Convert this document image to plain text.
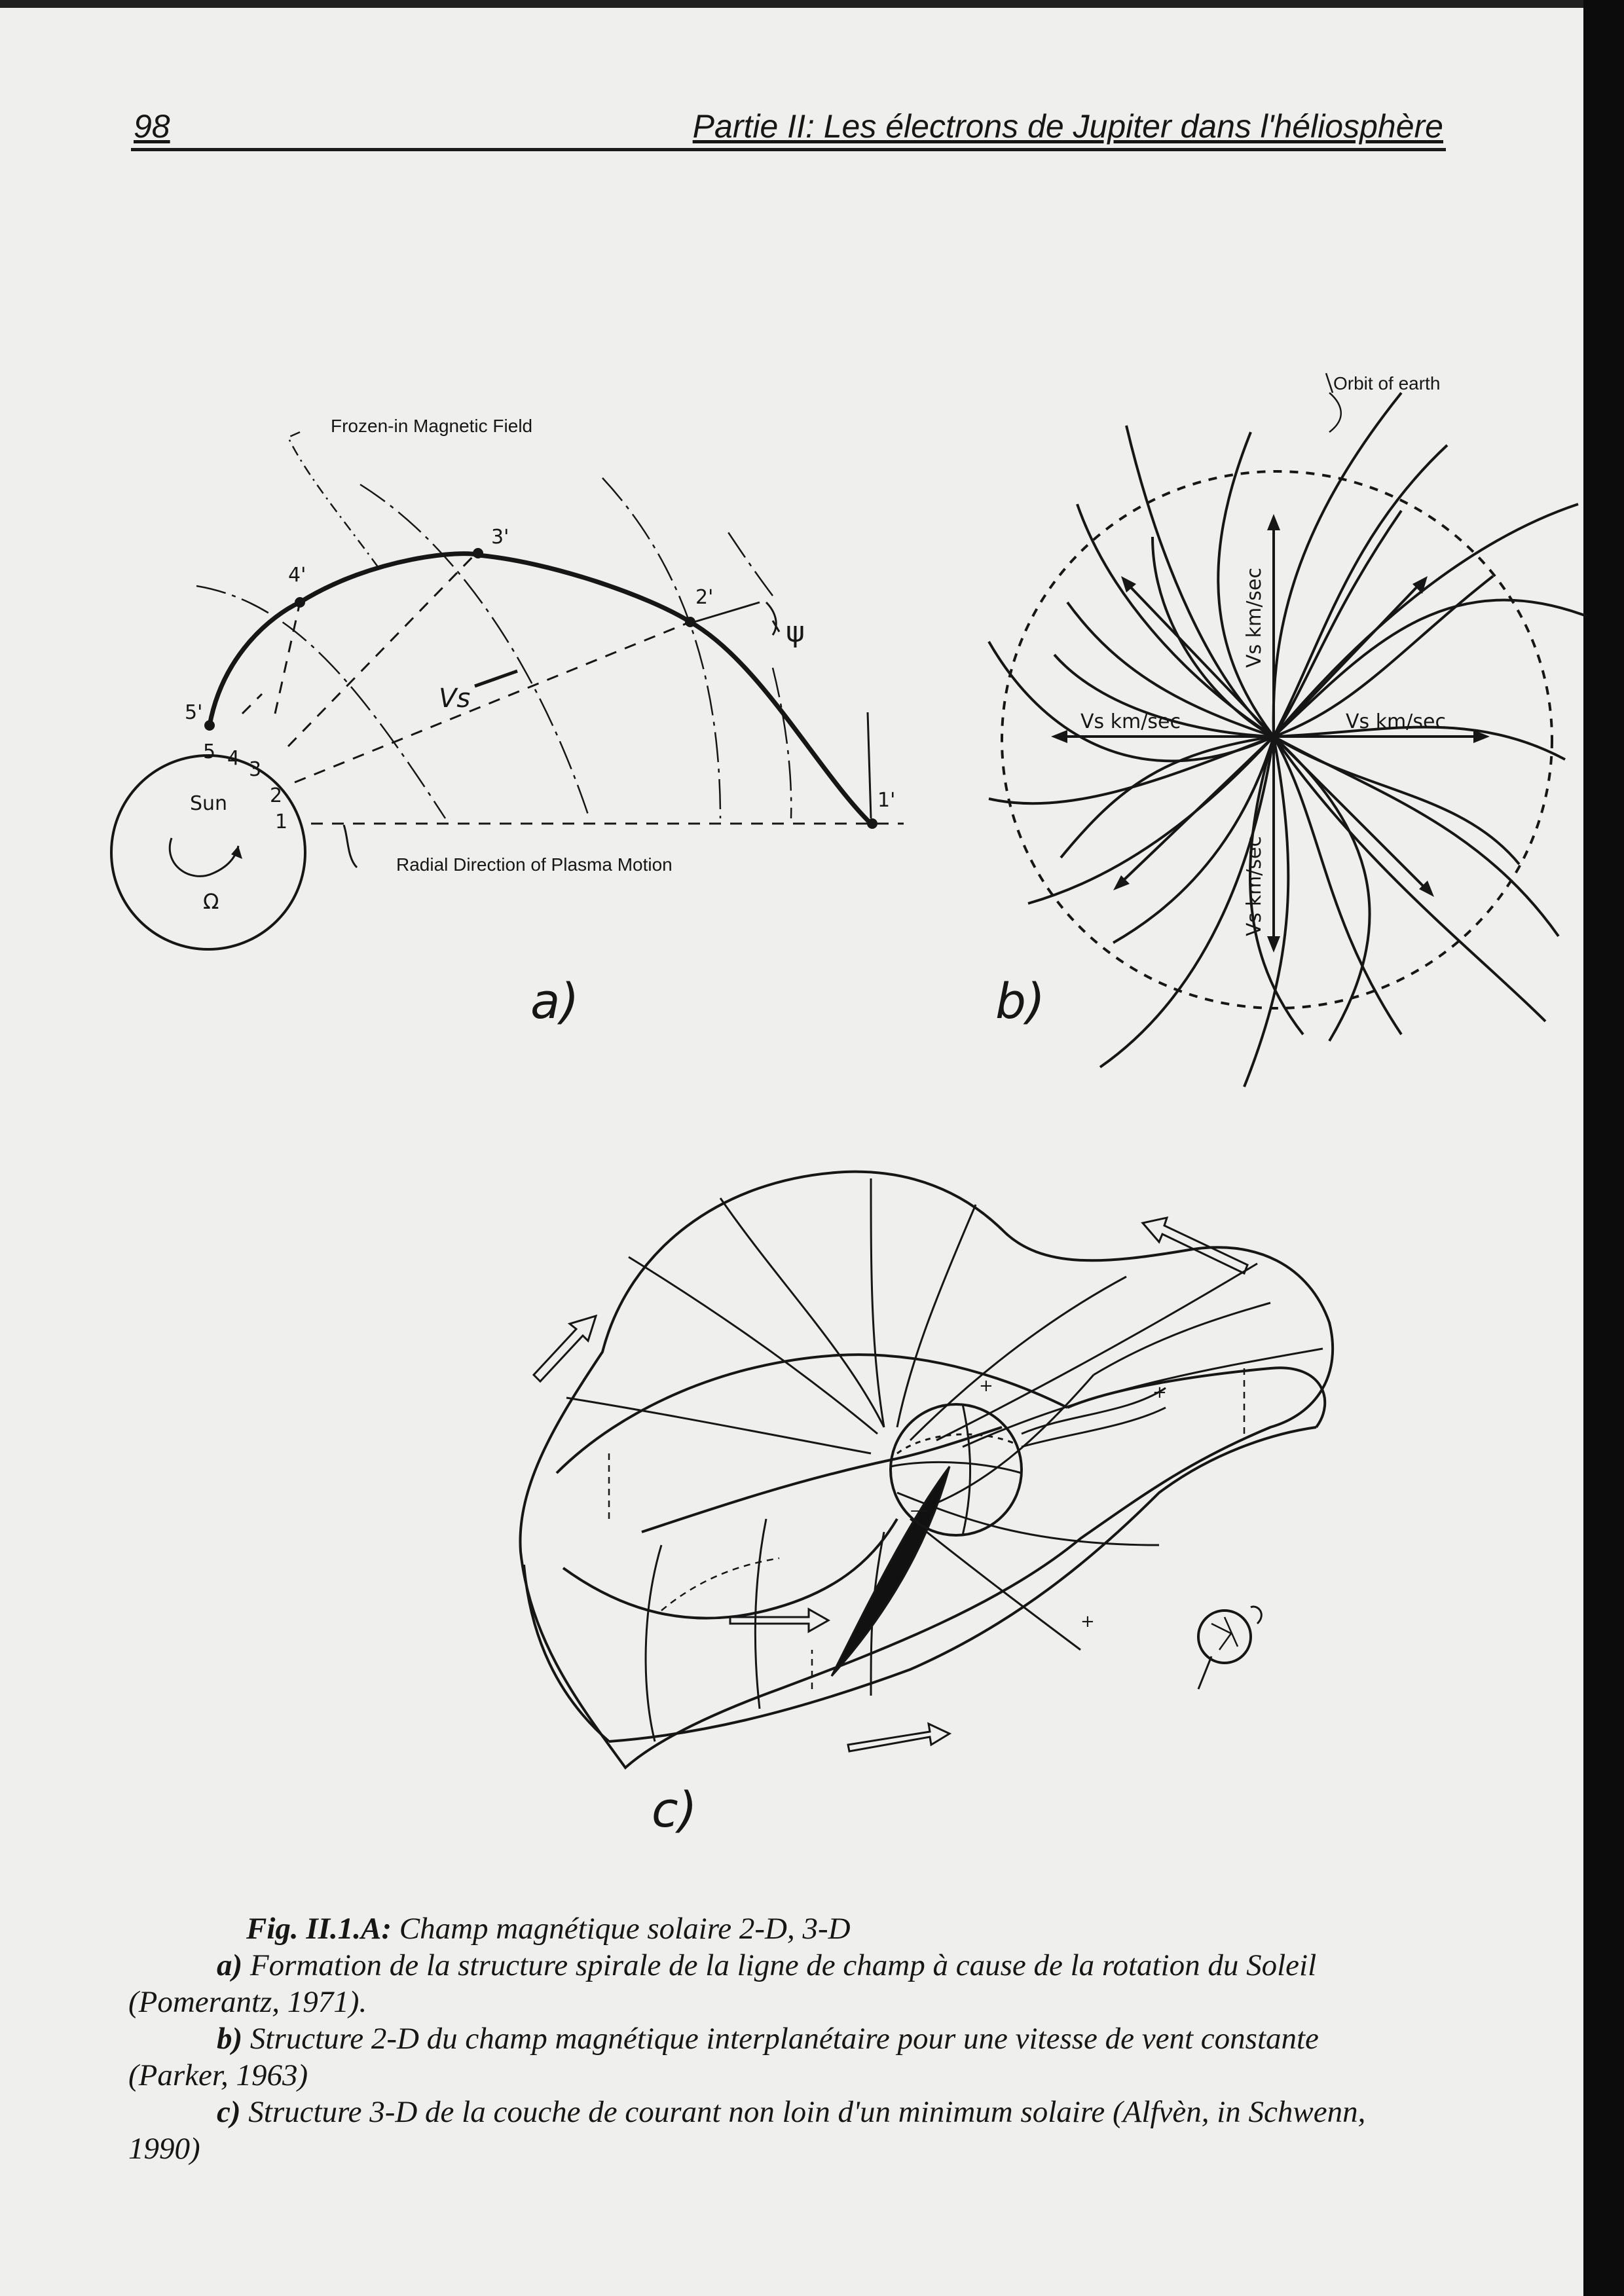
98	Partie II: Les électrons de Jupiter dans l'héliosphère
Frozen-in Magnetic Field
Radial Direction of Plasma Motion
Sun
Ω
Vs
ψ
5'
4'
3'
2'
1'
5 4 3
2
1
a)
Orbit of earth
Vs km/sec	Vs km/sec
Vs km/sec
Vs km/sec
b)
+	+
+
—
c)

Fig. II.1.A: Champ magnétique solaire 2-D, 3-D

a) Formation de la structure spirale de la ligne de champ à cause de la rotation du Soleil

(Pomerantz, 1971).

b) Structure 2-D du champ magnétique interplanétaire pour une vitesse de vent constante

(Parker, 1963)

c) Structure 3-D de la couche de courant non loin d'un minimum solaire (Alfvèn, in Schwenn,

1990)
